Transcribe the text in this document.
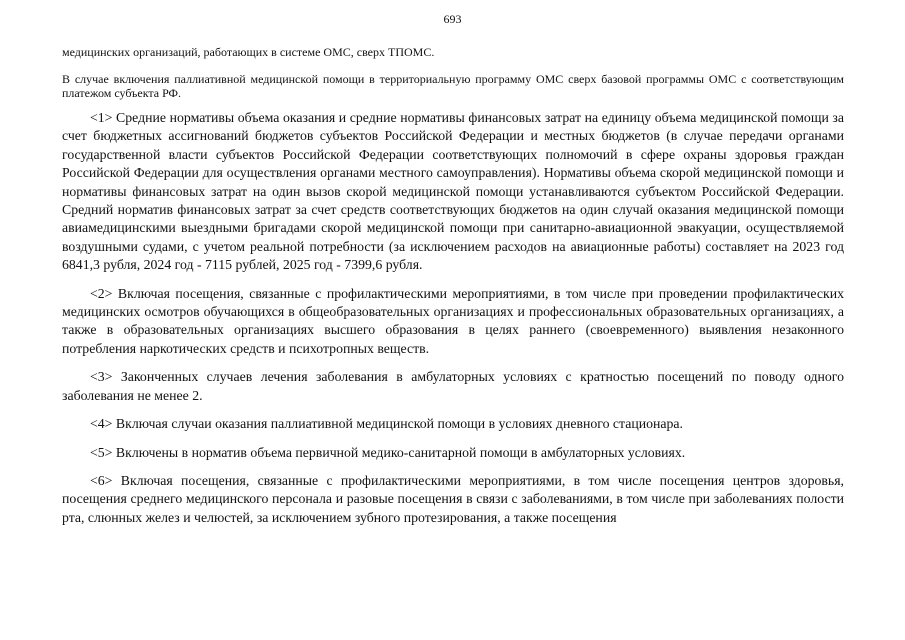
693
медицинских организаций, работающих в системе ОМС, сверх ТПОМС.
В случае включения паллиативной медицинской помощи в территориальную программу ОМС сверх базовой программы ОМС с соответствующим платежом субъекта РФ.

<1> Средние нормативы объема оказания и средние нормативы финансовых затрат на единицу объема медицинской помощи за счет бюджетных ассигнований бюджетов субъектов Российской Федерации и местных бюджетов (в случае передачи органами государственной власти субъектов Российской Федерации соответствующих полномочий в сфере охраны здоровья граждан Российской Федерации для осуществления органами местного самоуправления). Нормативы объема скорой медицинской помощи и нормативы финансовых затрат на один вызов скорой медицинской помощи устанавливаются субъектом Российской Федерации. Средний норматив финансовых затрат за счет средств соответствующих бюджетов на один случай оказания медицинской помощи авиамедицинскими выездными бригадами скорой медицинской помощи при санитарно-авиационной эвакуации, осуществляемой воздушными судами, с учетом реальной потребности (за исключением расходов на авиационные работы) составляет на 2023 год 6841,3 рубля, 2024 год - 7115 рублей, 2025 год - 7399,6 рубля.

<2> Включая посещения, связанные с профилактическими мероприятиями, в том числе при проведении профилактических медицинских осмотров обучающихся в общеобразовательных организациях и профессиональных образовательных организациях, а также в образовательных организациях высшего образования в целях раннего (своевременного) выявления незаконного потребления наркотических средств и психотропных веществ.

<3> Законченных случаев лечения заболевания в амбулаторных условиях с кратностью посещений по поводу одного заболевания не менее 2.

<4> Включая случаи оказания паллиативной медицинской помощи в условиях дневного стационара.

<5> Включены в норматив объема первичной медико-санитарной помощи в амбулаторных условиях.

<6> Включая посещения, связанные с профилактическими мероприятиями, в том числе посещения центров здоровья, посещения среднего медицинского персонала и разовые посещения в связи с заболеваниями, в том числе при заболеваниях полости рта, слюнных желез и челюстей, за исключением зубного протезирования, а также посещения
